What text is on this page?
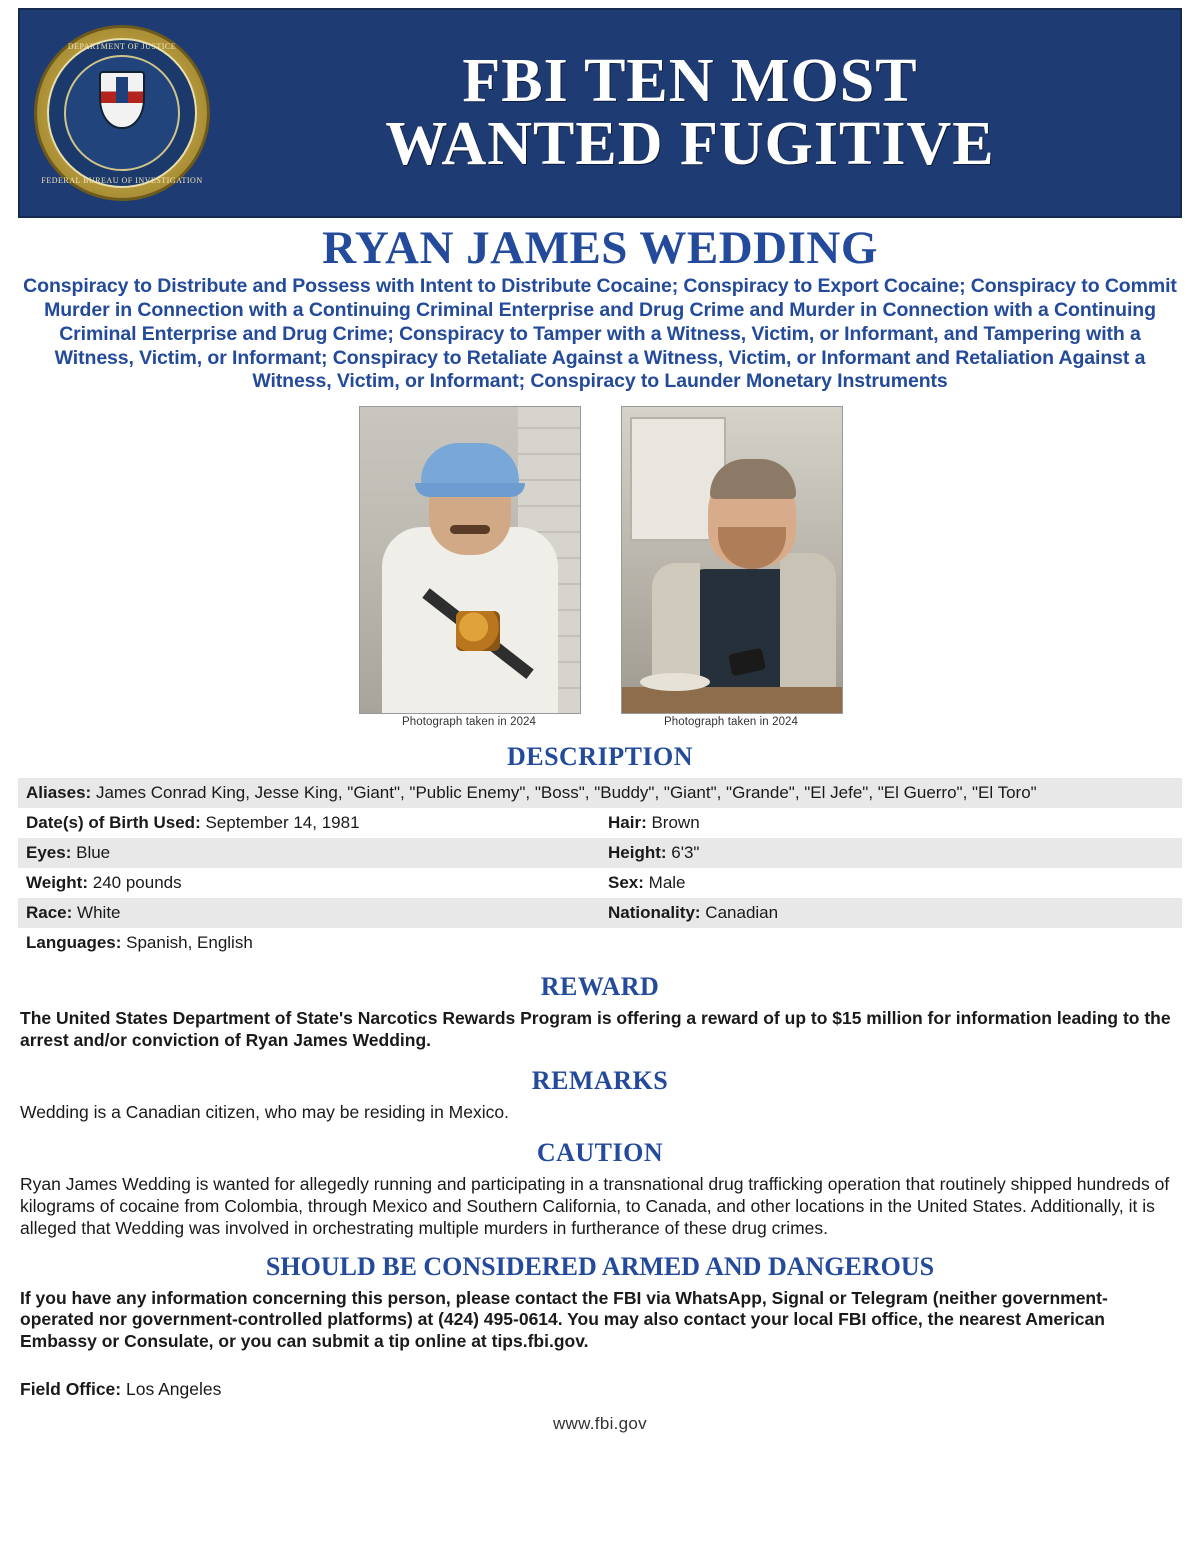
DEPARTMENT OF JUSTICE
FEDERAL BUREAU OF INVESTIGATION
FBI TEN MOST
WANTED FUGITIVE
RYAN JAMES WEDDING
Conspiracy to Distribute and Possess with Intent to Distribute Cocaine; Conspiracy to Export Cocaine; Conspiracy to Commit Murder in Connection with a Continuing Criminal Enterprise and Drug Crime and Murder in Connection with a Continuing Criminal Enterprise and Drug Crime; Conspiracy to Tamper with a Witness, Victim, or Informant, and Tampering with a Witness, Victim, or Informant; Conspiracy to Retaliate Against a Witness, Victim, or Informant and Retaliation Against a Witness, Victim, or Informant; Conspiracy to Launder Monetary Instruments
Photograph taken in 2024	Photograph taken in 2024
DESCRIPTION
Aliases: James Conrad King, Jesse King, "Giant", "Public Enemy", "Boss", "Buddy", "Giant", "Grande", "El Jefe", "El Guerro", "El Toro"	
Date(s) of Birth Used: September 14, 1981	Hair: Brown
Eyes: Blue	Height: 6'3"
Weight: 240 pounds	Sex: Male
Race: White	Nationality: Canadian
Languages: Spanish, English	
REWARD
The United States Department of State's Narcotics Rewards Program is offering a reward of up to $15 million for information leading to the arrest and/or conviction of Ryan James Wedding.
REMARKS
Wedding is a Canadian citizen, who may be residing in Mexico.
CAUTION
Ryan James Wedding is wanted for allegedly running and participating in a transnational drug trafficking operation that routinely shipped hundreds of kilograms of cocaine from Colombia, through Mexico and Southern California, to Canada, and other locations in the United States. Additionally, it is alleged that Wedding was involved in orchestrating multiple murders in furtherance of these drug crimes.
SHOULD BE CONSIDERED ARMED AND DANGEROUS
If you have any information concerning this person, please contact the FBI via WhatsApp, Signal or Telegram (neither government-operated nor government-controlled platforms) at (424) 495-0614. You may also contact your local FBI office, the nearest American Embassy or Consulate, or you can submit a tip online at tips.fbi.gov.
Field Office: Los Angeles
www.fbi.gov
